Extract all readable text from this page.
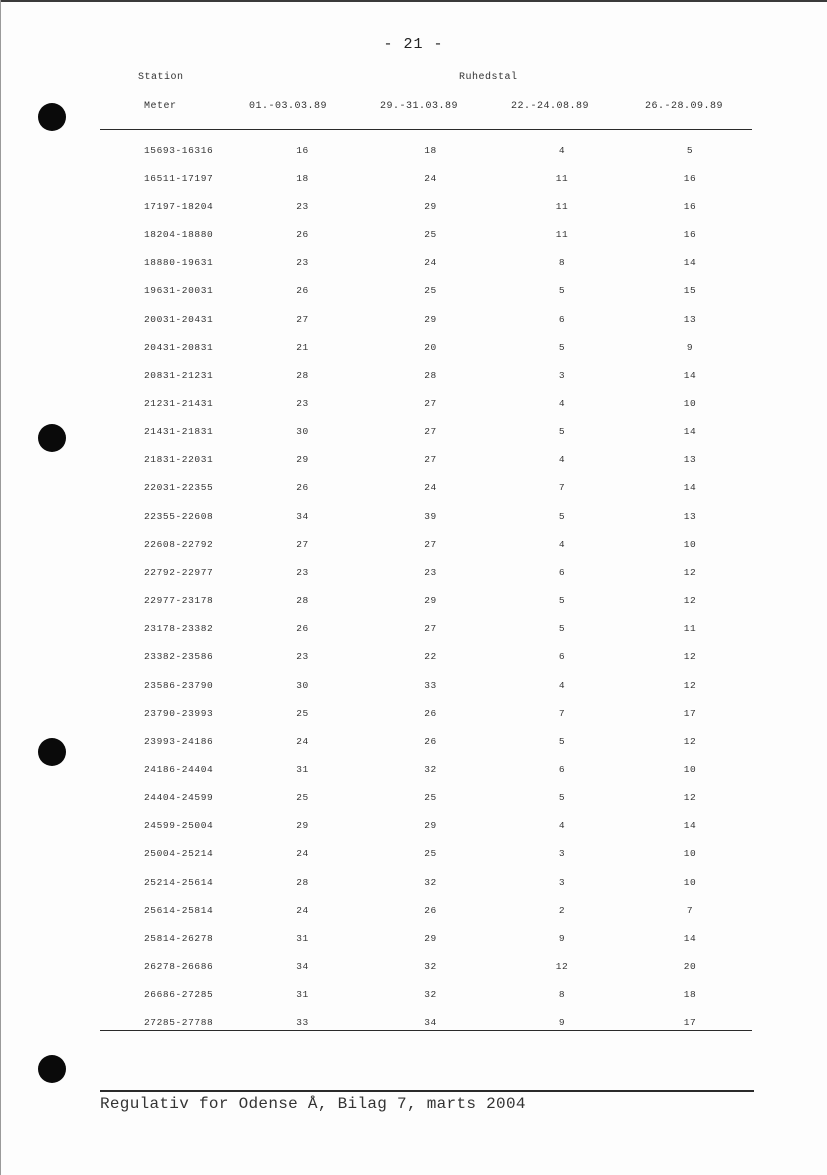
- 21 -
Station	Ruhedstal
Meter	01.-03.03.89	29.-31.03.89	22.-24.08.89	26.-28.09.89
15693-16316	16	18	4	5
16511-17197	18	24	11	16
17197-18204	23	29	11	16
18204-18880	26	25	11	16
18880-19631	23	24	8	14
19631-20031	26	25	5	15
20031-20431	27	29	6	13
20431-20831	21	20	5	9
20831-21231	28	28	3	14
21231-21431	23	27	4	10
21431-21831	30	27	5	14
21831-22031	29	27	4	13
22031-22355	26	24	7	14
22355-22608	34	39	5	13
22608-22792	27	27	4	10
22792-22977	23	23	6	12
22977-23178	28	29	5	12
23178-23382	26	27	5	11
23382-23586	23	22	6	12
23586-23790	30	33	4	12
23790-23993	25	26	7	17
23993-24186	24	26	5	12
24186-24404	31	32	6	10
24404-24599	25	25	5	12
24599-25004	29	29	4	14
25004-25214	24	25	3	10
25214-25614	28	32	3	10
25614-25814	24	26	2	7
25814-26278	31	29	9	14
26278-26686	34	32	12	20
26686-27285	31	32	8	18
27285-27788	33	34	9	17
Regulativ for Odense Å, Bilag 7, marts 2004
